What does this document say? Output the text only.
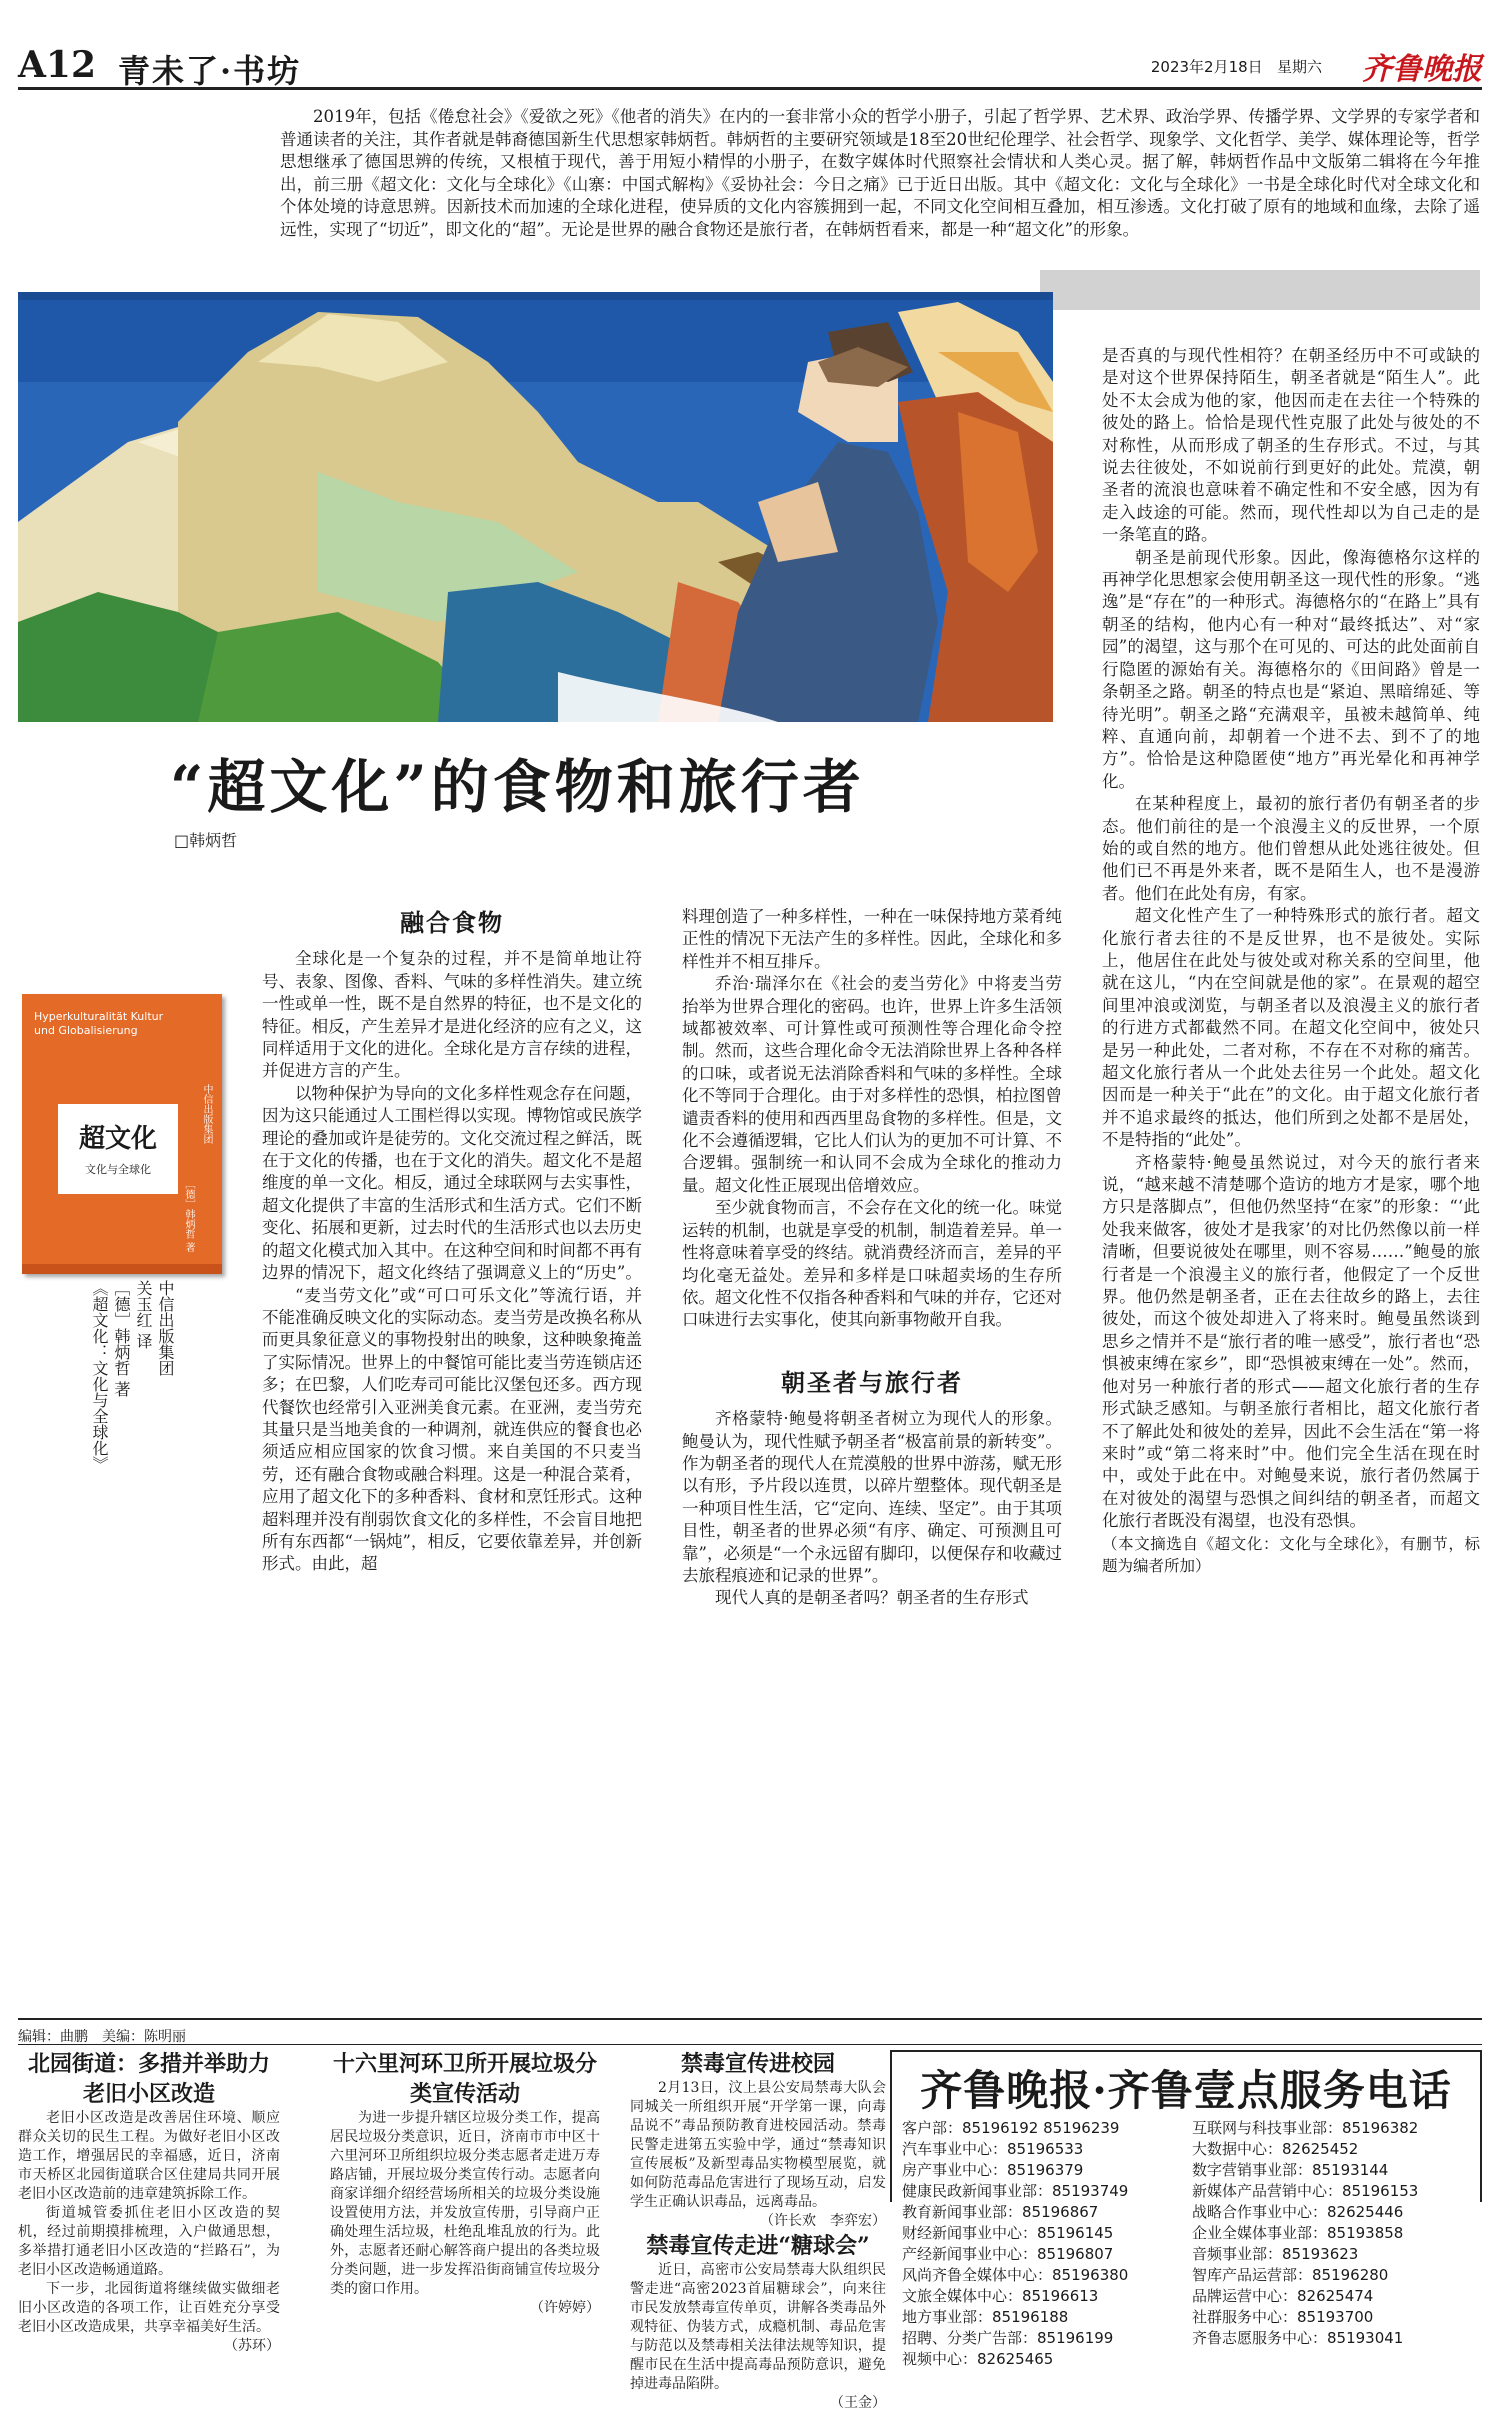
A12 青未了·书坊	2023年2月18日 星期六 齐鲁晚报
2019年，包括《倦怠社会》《爱欲之死》《他者的消失》在内的一套非常小众的哲学小册子，引起了哲学界、艺术界、政治学界、传播学界、文学界的专家学者和普通读者的关注，其作者就是韩裔德国新生代思想家韩炳哲。韩炳哲的主要研究领域是18至20世纪伦理学、社会哲学、现象学、文化哲学、美学、媒体理论等，哲学思想继承了德国思辨的传统，又根植于现代，善于用短小精悍的小册子，在数字媒体时代照察社会情状和人类心灵。据了解，韩炳哲作品中文版第二辑将在今年推出，前三册《超文化：文化与全球化》《山寨：中国式解构》《妥协社会：今日之痛》已于近日出版。其中《超文化：文化与全球化》一书是全球化时代对全球文化和个体处境的诗意思辨。因新技术而加速的全球化进程，使异质的文化内容簇拥到一起，不同文化空间相互叠加，相互渗透。文化打破了原有的地域和血缘，去除了遥远性，实现了“切近”，即文化的“超”。无论是世界的融合食物还是旅行者，在韩炳哲看来，都是一种“超文化”的形象。
“超文化”的食物和旅行者
□韩炳哲
Hyperkulturalität Kultur und Globalisierung
超文化
文化与全球化
［德］韩炳哲 著
中信出版集团
中信出版集团
关玉红 译
［德］韩炳哲 著
《超文化：文化与全球化》
融合食物

全球化是一个复杂的过程，并不是简单地让符号、表象、图像、香料、气味的多样性消失。建立统一性或单一性，既不是自然界的特征，也不是文化的特征。相反，产生差异才是进化经济的应有之义，这同样适用于文化的进化。全球化是方言存续的进程，并促进方言的产生。

以物种保护为导向的文化多样性观念存在问题，因为这只能通过人工围栏得以实现。博物馆或民族学理论的叠加或许是徒劳的。文化交流过程之鲜活，既在于文化的传播，也在于文化的消失。超文化不是超维度的单一文化。相反，通过全球联网与去实事性，超文化提供了丰富的生活形式和生活方式。它们不断变化、拓展和更新，过去时代的生活形式也以去历史的超文化模式加入其中。在这种空间和时间都不再有边界的情况下，超文化终结了强调意义上的“历史”。

“麦当劳文化”或“可口可乐文化”等流行语，并不能准确反映文化的实际动态。麦当劳是改换名称从而更具象征意义的事物投射出的映象，这种映象掩盖了实际情况。世界上的中餐馆可能比麦当劳连锁店还多；在巴黎，人们吃寿司可能比汉堡包还多。西方现代餐饮也经常引入亚洲美食元素。在亚洲，麦当劳充其量只是当地美食的一种调剂，就连供应的餐食也必须适应相应国家的饮食习惯。来自美国的不只麦当劳，还有融合食物或融合料理。这是一种混合菜肴，应用了超文化下的多种香料、食材和烹饪形式。这种超料理并没有削弱饮食文化的多样性，不会盲目地把所有东西都“一锅炖”，相反，它要依靠差异，并创新形式。由此，超

料理创造了一种多样性，一种在一味保持地方菜肴纯正性的情况下无法产生的多样性。因此，全球化和多样性并不相互排斥。

乔治·瑞泽尔在《社会的麦当劳化》中将麦当劳抬举为世界合理化的密码。也许，世界上许多生活领域都被效率、可计算性或可预测性等合理化命令控制。然而，这些合理化命令无法消除世界上各种各样的口味，或者说无法消除香料和气味的多样性。全球化不等同于合理化。由于对多样性的恐惧，柏拉图曾谴责香料的使用和西西里岛食物的多样性。但是，文化不会遵循逻辑，它比人们认为的更加不可计算、不合逻辑。强制统一和认同不会成为全球化的推动力量。超文化性正展现出倍增效应。

至少就食物而言，不会存在文化的统一化。味觉运转的机制，也就是享受的机制，制造着差异。单一性将意味着享受的终结。就消费经济而言，差异的平均化毫无益处。差异和多样是口味超卖场的生存所依。超文化性不仅指各种香料和气味的并存，它还对口味进行去实事化，使其向新事物敞开自我。

朝圣者与旅行者

齐格蒙特·鲍曼将朝圣者树立为现代人的形象。鲍曼认为，现代性赋予朝圣者“极富前景的新转变”。作为朝圣者的现代人在荒漠般的世界中游荡，赋无形以有形，予片段以连贯，以碎片塑整体。现代朝圣是一种项目性生活，它“定向、连续、坚定”。由于其项目性，朝圣者的世界必须“有序、确定、可预测且可靠”，必须是“一个永远留有脚印，以便保存和收藏过去旅程痕迹和记录的世界”。

现代人真的是朝圣者吗？朝圣者的生存形式

是否真的与现代性相符？在朝圣经历中不可或缺的是对这个世界保持陌生，朝圣者就是“陌生人”。此处不太会成为他的家，他因而走在去往一个特殊的彼处的路上。恰恰是现代性克服了此处与彼处的不对称性，从而形成了朝圣的生存形式。不过，与其说去往彼处，不如说前行到更好的此处。荒漠，朝圣者的流浪也意味着不确定性和不安全感，因为有走入歧途的可能。然而，现代性却以为自己走的是一条笔直的路。

朝圣是前现代形象。因此，像海德格尔这样的再神学化思想家会使用朝圣这一现代性的形象。“逃逸”是“存在”的一种形式。海德格尔的“在路上”具有朝圣的结构，他内心有一种对“最终抵达”、对“家园”的渴望，这与那个在可见的、可达的此处面前自行隐匿的源始有关。海德格尔的《田间路》曾是一条朝圣之路。朝圣的特点也是“紧迫、黑暗绵延、等待光明”。朝圣之路“充满艰辛，虽被未越简单、纯粹、直通向前，却朝着一个进不去、到不了的地方”。恰恰是这种隐匿使“地方”再光晕化和再神学化。

在某种程度上，最初的旅行者仍有朝圣者的步态。他们前往的是一个浪漫主义的反世界，一个原始的或自然的地方。他们曾想从此处逃往彼处。但他们已不再是外来者，既不是陌生人，也不是漫游者。他们在此处有房，有家。

超文化性产生了一种特殊形式的旅行者。超文化旅行者去往的不是反世界，也不是彼处。实际上，他居住在此处与彼处或对称关系的空间里，他就在这儿，“内在空间就是他的家”。在景观的超空间里冲浪或浏览，与朝圣者以及浪漫主义的旅行者的行进方式都截然不同。在超文化空间中，彼处只是另一种此处，二者对称，不存在不对称的痛苦。超文化旅行者从一个此处去往另一个此处。超文化因而是一种关于“此在”的文化。由于超文化旅行者并不追求最终的抵达，他们所到之处都不是居处，不是特指的“此处”。

齐格蒙特·鲍曼虽然说过，对今天的旅行者来说，“越来越不清楚哪个造访的地方才是家，哪个地方只是落脚点”，但他仍然坚持“在家”的形象：“‘此处我来做客，彼处才是我家’的对比仍然像以前一样清晰，但要说彼处在哪里，则不容易……”鲍曼的旅行者是一个浪漫主义的旅行者，他假定了一个反世界。他仍然是朝圣者，正在去往故乡的路上，去往彼处，而这个彼处却进入了将来时。鲍曼虽然谈到思乡之情并不是“旅行者的唯一感受”，旅行者也“恐惧被束缚在家乡”，即“恐惧被束缚在一处”。然而，他对另一种旅行者的形式——超文化旅行者的生存形式缺乏感知。与朝圣旅行者相比，超文化旅行者不了解此处和彼处的差异，因此不会生活在“第一将来时”或“第二将来时”中。他们完全生活在现在时中，或处于此在中。对鲍曼来说，旅行者仍然属于在对彼处的渴望与恐惧之间纠结的朝圣者，而超文化旅行者既没有渴望，也没有恐惧。

（本文摘选自《超文化：文化与全球化》，有删节，标题为编者所加）

编辑：曲鹏　美编：陈明丽
北园街道：多措并举助力老旧小区改造

老旧小区改造是改善居住环境、顺应群众关切的民生工程。为做好老旧小区改造工作，增强居民的幸福感，近日，济南市天桥区北园街道联合区住建局共同开展老旧小区改造前的违章建筑拆除工作。

街道城管委抓住老旧小区改造的契机，经过前期摸排梳理，入户做通思想，多举措打通老旧小区改造的“拦路石”，为老旧小区改造畅通道路。

下一步，北园街道将继续做实做细老旧小区改造的各项工作，让百姓充分享受老旧小区改造成果，共享幸福美好生活。

（苏环）

十六里河环卫所开展垃圾分类宣传活动

为进一步提升辖区垃圾分类工作，提高居民垃圾分类意识，近日，济南市市中区十六里河环卫所组织垃圾分类志愿者走进万寿路店铺，开展垃圾分类宣传行动。志愿者向商家详细介绍经营场所相关的垃圾分类设施设置使用方法，并发放宣传册，引导商户正确处理生活垃圾，杜绝乱堆乱放的行为。此外，志愿者还耐心解答商户提出的各类垃圾分类问题，进一步发挥沿街商铺宣传垃圾分类的窗口作用。

（许婷婷）

禁毒宣传进校园

2月13日，汶上县公安局禁毒大队会同城关一所组织开展“开学第一课，向毒品说不”毒品预防教育进校园活动。禁毒民警走进第五实验中学，通过“禁毒知识宣传展板”及新型毒品实物模型展览，就如何防范毒品危害进行了现场互动，启发学生正确认识毒品，远离毒品。

（许长欢　李弈宏）

禁毒宣传走进“糖球会”

近日，高密市公安局禁毒大队组织民警走进“高密2023首届糖球会”，向来往市民发放禁毒宣传单页，讲解各类毒品外观特征、伪装方式，成瘾机制、毒品危害与防范以及禁毒相关法律法规等知识，提醒市民在生活中提高毒品预防意识，避免掉进毒品陷阱。

（王金）

齐鲁晚报·齐鲁壹点服务电话
客户部：85196192 85196239
汽车事业中心：85196533
房产事业中心：85196379
健康民政新闻事业部：85193749
教育新闻事业部：85196867
财经新闻事业中心：85196145
产经新闻事业中心：85196807
风尚齐鲁全媒体中心：85196380
文旅全媒体中心：85196613
地方事业部：85196188
招聘、分类广告部：85196199
视频中心：82625465
互联网与科技事业部：85196382
大数据中心：82625452
数字营销事业部：85193144
新媒体产品营销中心：85196153
战略合作事业中心：82625446
企业全媒体事业部：85193858
音频事业部：85193623
智库产品运营部：85196280
品牌运营中心：82625474
社群服务中心：85193700
齐鲁志愿服务中心：85193041
